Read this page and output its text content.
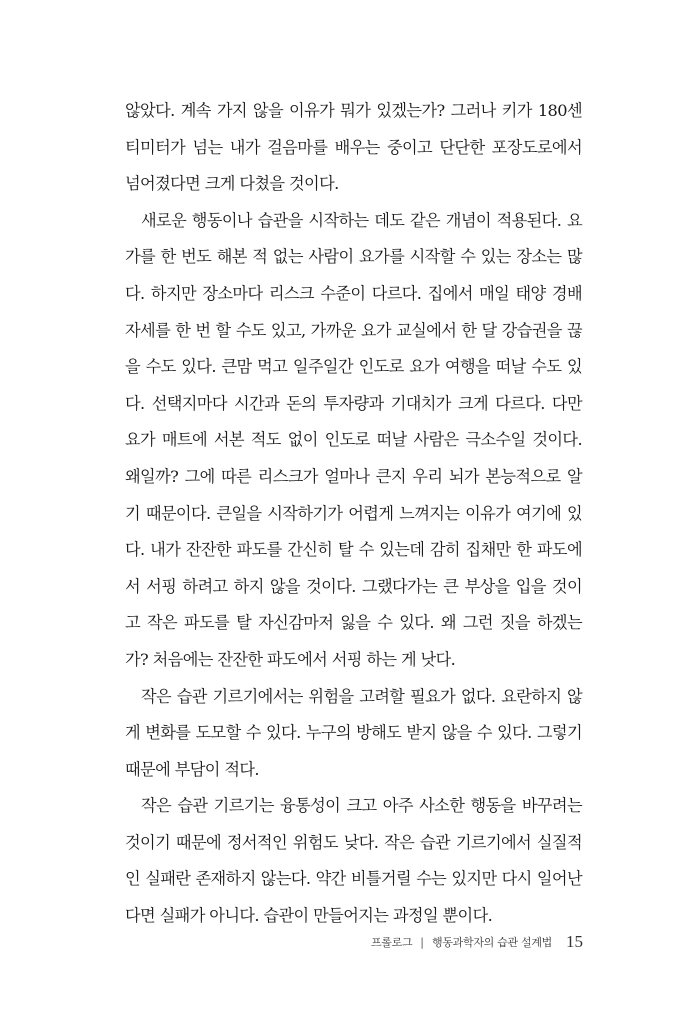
않았다. 계속 가지 않을 이유가 뭐가 있겠는가? 그러나 키가 180센
티미터가 넘는 내가 걸음마를 배우는 중이고 단단한 포장도로에서
넘어졌다면 크게 다쳤을 것이다.
새로운 행동이나 습관을 시작하는 데도 같은 개념이 적용된다. 요
가를 한 번도 해본 적 없는 사람이 요가를 시작할 수 있는 장소는 많
다. 하지만 장소마다 리스크 수준이 다르다. 집에서 매일 태양 경배
자세를 한 번 할 수도 있고, 가까운 요가 교실에서 한 달 강습권을 끊
을 수도 있다. 큰맘 먹고 일주일간 인도로 요가 여행을 떠날 수도 있
다. 선택지마다 시간과 돈의 투자량과 기대치가 크게 다르다. 다만
요가 매트에 서본 적도 없이 인도로 떠날 사람은 극소수일 것이다.
왜일까? 그에 따른 리스크가 얼마나 큰지 우리 뇌가 본능적으로 알
기 때문이다. 큰일을 시작하기가 어렵게 느껴지는 이유가 여기에 있
다. 내가 잔잔한 파도를 간신히 탈 수 있는데 감히 집채만 한 파도에
서 서핑 하려고 하지 않을 것이다. 그랬다가는 큰 부상을 입을 것이
고 작은 파도를 탈 자신감마저 잃을 수 있다. 왜 그런 짓을 하겠는
가? 처음에는 잔잔한 파도에서 서핑 하는 게 낫다.
작은 습관 기르기에서는 위험을 고려할 필요가 없다. 요란하지 않
게 변화를 도모할 수 있다. 누구의 방해도 받지 않을 수 있다. 그렇기
때문에 부담이 적다.
작은 습관 기르기는 융통성이 크고 아주 사소한 행동을 바꾸려는
것이기 때문에 정서적인 위험도 낮다. 작은 습관 기르기에서 실질적
인 실패란 존재하지 않는다. 약간 비틀거릴 수는 있지만 다시 일어난
다면 실패가 아니다. 습관이 만들어지는 과정일 뿐이다.
프롤로그 | 행동과학자의 습관 설계법 15
